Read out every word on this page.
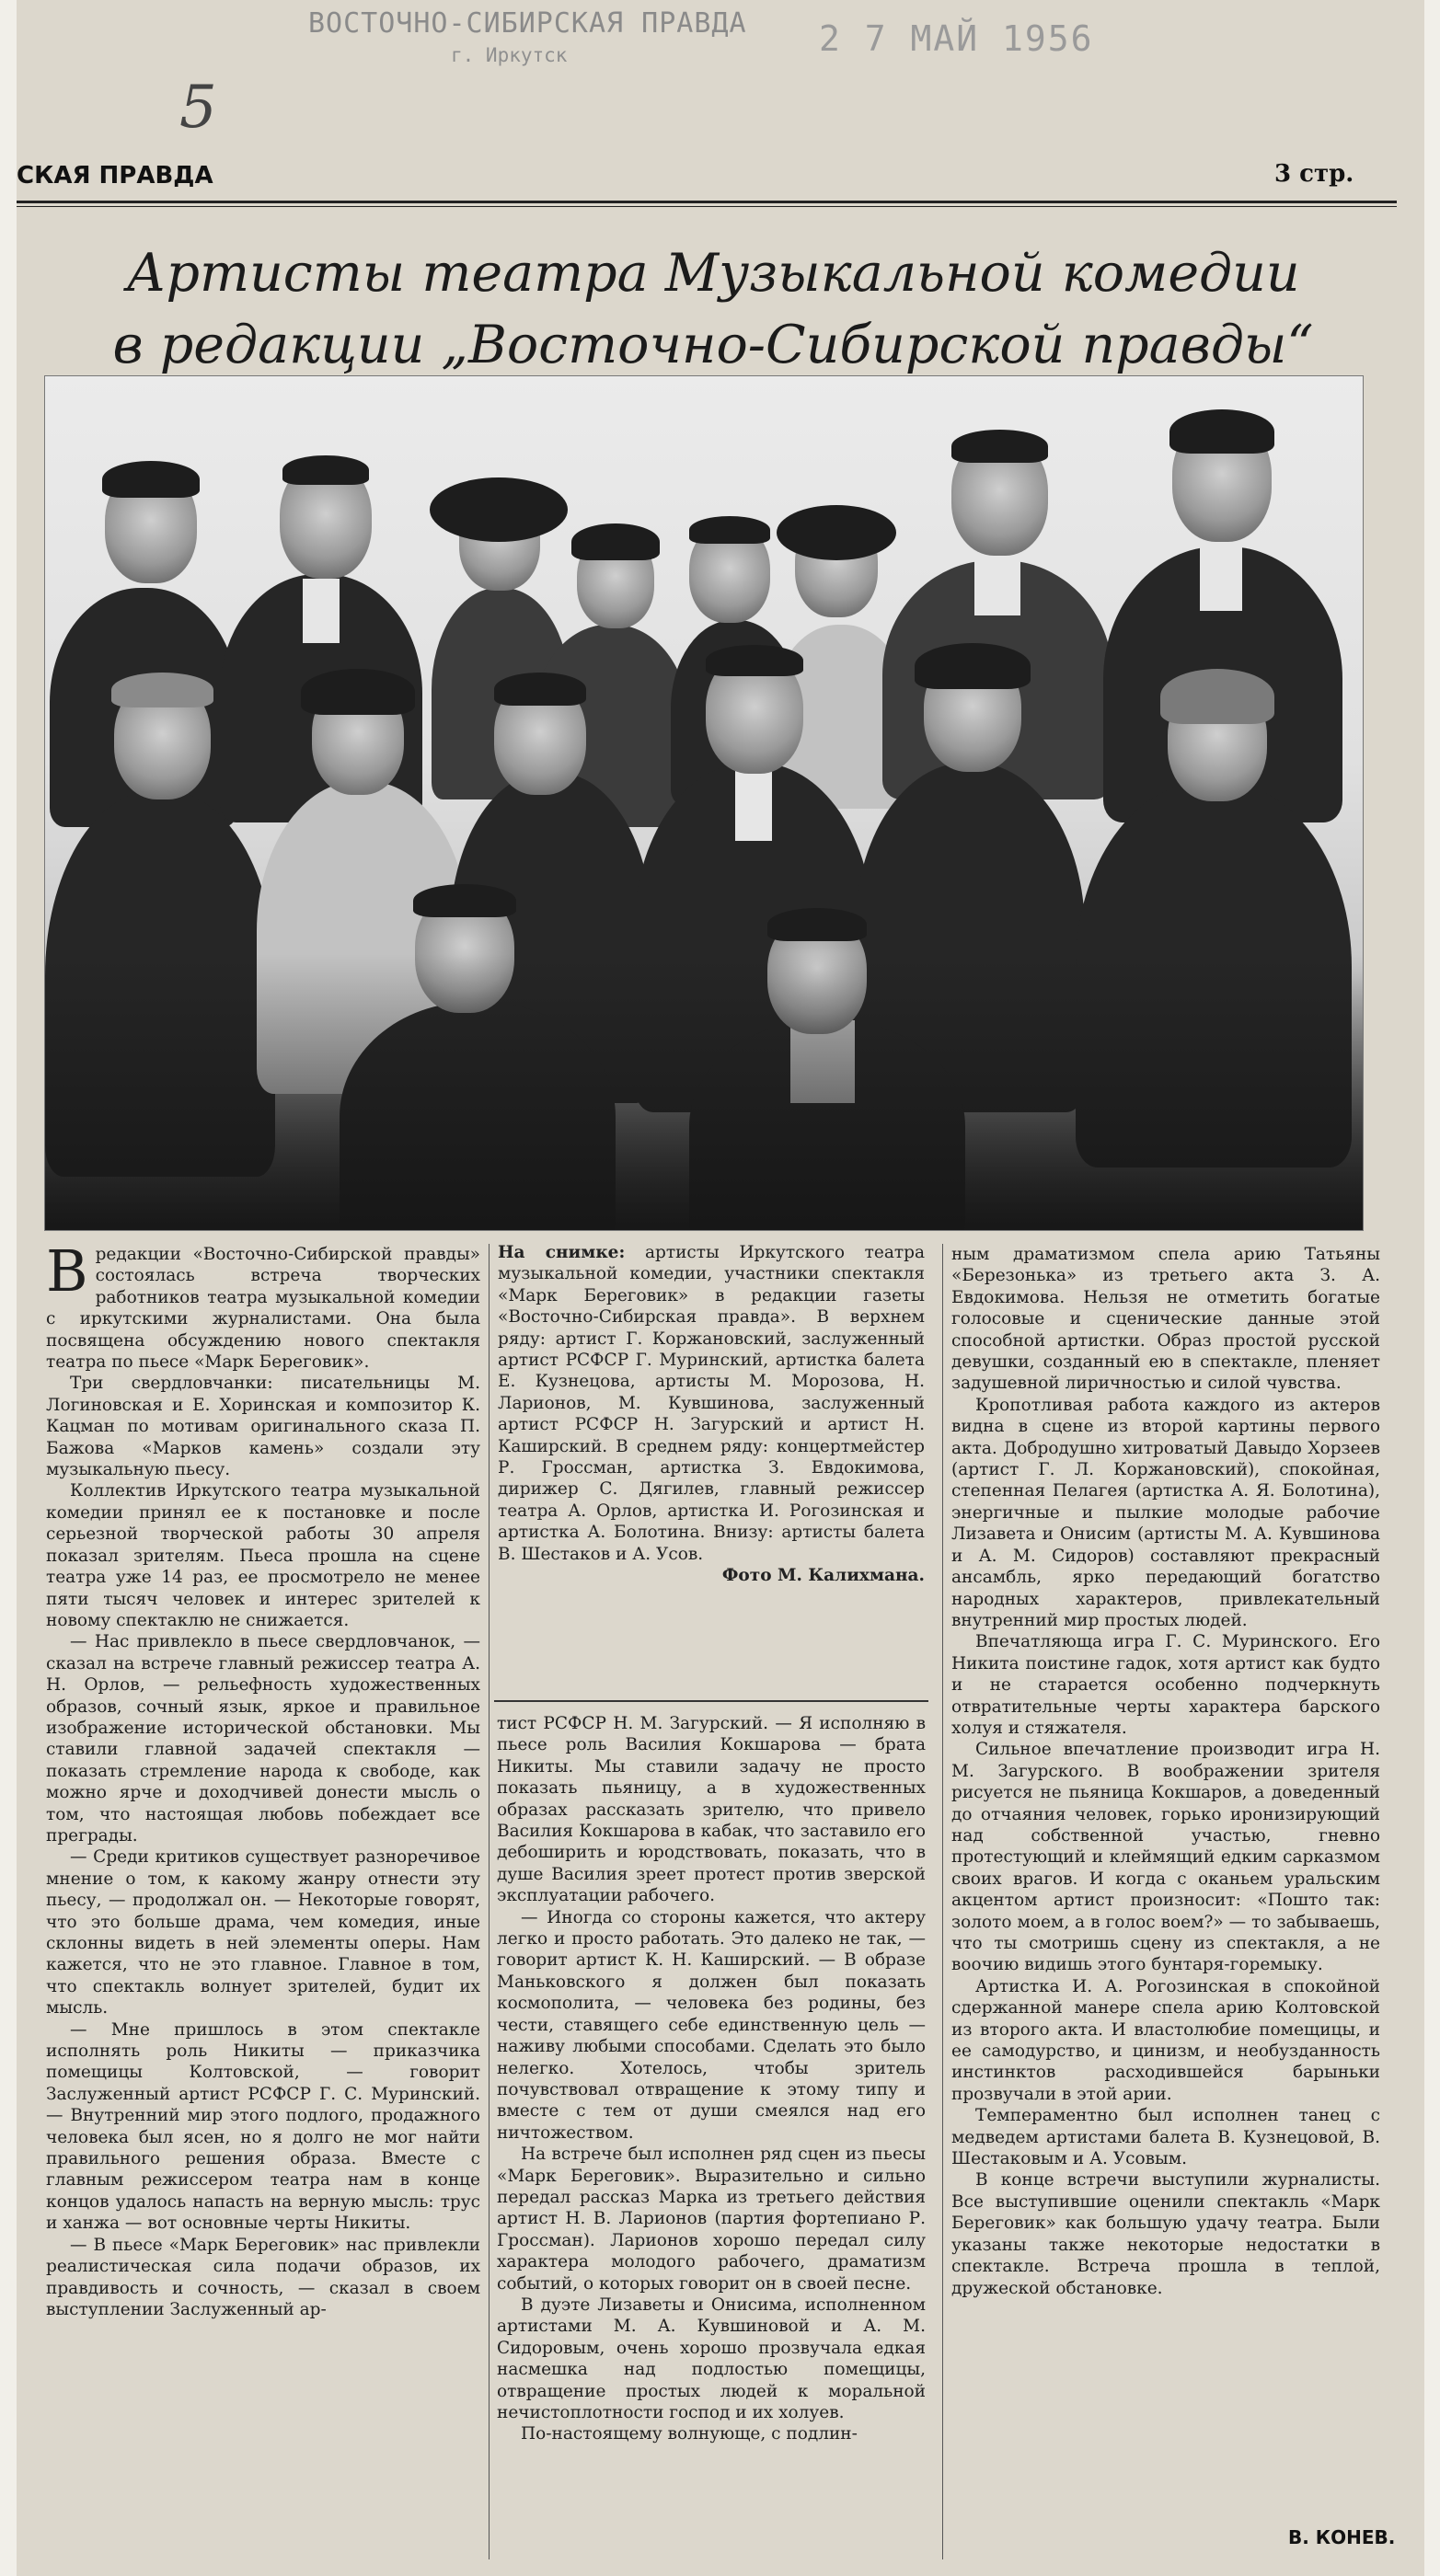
ВОСТОЧНО-СИБИРСКАЯ ПРАВДА
г. Иркутск	2 7 МАЙ 1956
5
СКАЯ ПРАВДА	3 стр.
Артисты театра Музыкальной комедии
в редакции „Восточно-Сибирской правды“

Вредакции «Восточно-Сибирской правды» состоялась встреча творческих работников театра музыкальной комедии с иркутскими журналистами. Она была посвящена обсуждению нового спектакля театра по пьесе «Марк Береговик».

Три свердловчанки: писательницы М. Логиновская и Е. Хоринская и композитор К. Кацман по мотивам оригинального сказа П. Бажова «Марков камень» создали эту музыкальную пьесу.

Коллектив Иркутского театра музыкальной комедии принял ее к постановке и после серьезной творческой работы 30 апреля показал зрителям. Пьеса прошла на сцене театра уже 14 раз, ее просмотрело не менее пяти тысяч человек и интерес зрителей к новому спектаклю не снижается.

— Нас привлекло в пьесе свердловчанок, — сказал на встрече главный режиссер театра А. Н. Орлов, — рельефность художественных образов, сочный язык, яркое и правильное изображение исторической обстановки. Мы ставили главной задачей спектакля — показать стремление народа к свободе, как можно ярче и доходчивей донести мысль о том, что настоящая любовь побеждает все преграды.

— Среди критиков существует разноречивое мнение о том, к какому жанру отнести эту пьесу, — продолжал он. — Некоторые говорят, что это больше драма, чем комедия, иные склонны видеть в ней элементы оперы. Нам кажется, что не это главное. Главное в том, что спектакль волнует зрителей, будит их мысль.

— Мне пришлось в этом спектакле исполнять роль Никиты — приказчика помещицы Колтовской, — говорит Заслуженный артист РСФСР Г. С. Муринский. — Внутренний мир этого подлого, продажного человека был ясен, но я долго не мог найти правильного решения образа. Вместе с главным режиссером театра нам в конце концов удалось напасть на верную мысль: трус и ханжа — вот основные черты Никиты.

— В пьесе «Марк Береговик» нас привлекли реалистическая сила подачи образов, их правдивость и сочность, — сказал в своем выступлении Заслуженный ар-

На снимке: артисты Иркутского театра музыкальной комедии, участники спектакля «Марк Береговик» в редакции газеты «Восточно-Сибирская правда». В верхнем ряду: артист Г. Коржановский, заслуженный артист РСФСР Г. Муринский, артистка балета Е. Кузнецова, артисты М. Морозова, Н. Ларионов, М. Кувшинова, заслуженный артист РСФСР Н. Загурский и артист Н. Каширский. В среднем ряду: концертмейстер Р. Гроссман, артистка З. Евдокимова, дирижер С. Дягилев, главный режиссер театра А. Орлов, артистка И. Рогозинская и артистка А. Болотина. Внизу: артисты балета В. Шестаков и А. Усов.
Фото М. Калихмана.

тист РСФСР Н. М. Загурский. — Я исполняю в пьесе роль Василия Кокшарова — брата Никиты. Мы ставили задачу не просто показать пьяницу, а в художественных образах рассказать зрителю, что привело Василия Кокшарова в кабак, что заставило его дебоширить и юродствовать, показать, что в душе Василия зреет протест против зверской эксплуатации рабочего.

— Иногда со стороны кажется, что актеру легко и просто работать. Это далеко не так, — говорит артист К. Н. Каширский. — В образе Маньковского я должен был показать космополита, — человека без родины, без чести, ставящего себе единственную цель — наживу любыми способами. Сделать это было нелегко. Хотелось, чтобы зритель почувствовал отвращение к этому типу и вместе с тем от души смеялся над его ничтожеством.

На встрече был исполнен ряд сцен из пьесы «Марк Береговик». Выразительно и сильно передал рассказ Марка из третьего действия артист Н. В. Ларионов (партия фортепиано Р. Гроссман). Ларионов хорошо передал силу характера молодого рабочего, драматизм событий, о которых говорит он в своей песне.

В дуэте Лизаветы и Онисима, исполненном артистами М. А. Кувшиновой и А. М. Сидоровым, очень хорошо прозвучала едкая насмешка над подлостью помещицы, отвращение простых людей к моральной нечистоплотности господ и их холуев.

По-настоящему волнующе, с подлин-

ным драматизмом спела арию Татьяны «Березонька» из третьего акта З. А. Евдокимова. Нельзя не отметить богатые голосовые и сценические данные этой способной артистки. Образ простой русской девушки, созданный ею в спектакле, пленяет задушевной лиричностью и силой чувства.

Кропотливая работа каждого из актеров видна в сцене из второй картины первого акта. Добродушно хитроватый Давыдо Хорзеев (артист Г. Л. Коржановский), спокойная, степенная Пелагея (артистка А. Я. Болотина), энергичные и пылкие молодые рабочие Лизавета и Онисим (артисты М. А. Кувшинова и А. М. Сидоров) составляют прекрасный ансамбль, ярко передающий богатство народных характеров, привлекательный внутренний мир простых людей.

Впечатляюща игра Г. С. Муринского. Его Никита поистине гадок, хотя артист как будто и не старается особенно подчеркнуть отвратительные черты характера барского холуя и стяжателя.

Сильное впечатление производит игра Н. М. Загурского. В воображении зрителя рисуется не пьяница Кокшаров, а доведенный до отчаяния человек, горько иронизирующий над собственной участью, гневно протестующий и клеймящий едким сарказмом своих врагов. И когда с оканьем уральским акцентом артист произносит: «Пошто так: золото моем, а в голос воем?» — то забываешь, что ты смотришь сцену из спектакля, а не воочию видишь этого бунтаря-горемыку.

Артистка И. А. Рогозинская в спокойной сдержанной манере спела арию Колтовской из второго акта. И властолюбие помещицы, и ее самодурство, и цинизм, и необузданность инстинктов расходившейся барыньки прозвучали в этой арии.

Темпераментно был исполнен танец с медведем артистами балета В. Кузнецовой, В. Шестаковым и А. Усовым.

В конце встречи выступили журналисты. Все выступившие оценили спектакль «Марк Береговик» как большую удачу театра. Были указаны также некоторые недостатки в спектакле. Встреча прошла в теплой, дружеской обстановке.

В. КОНЕВ.
